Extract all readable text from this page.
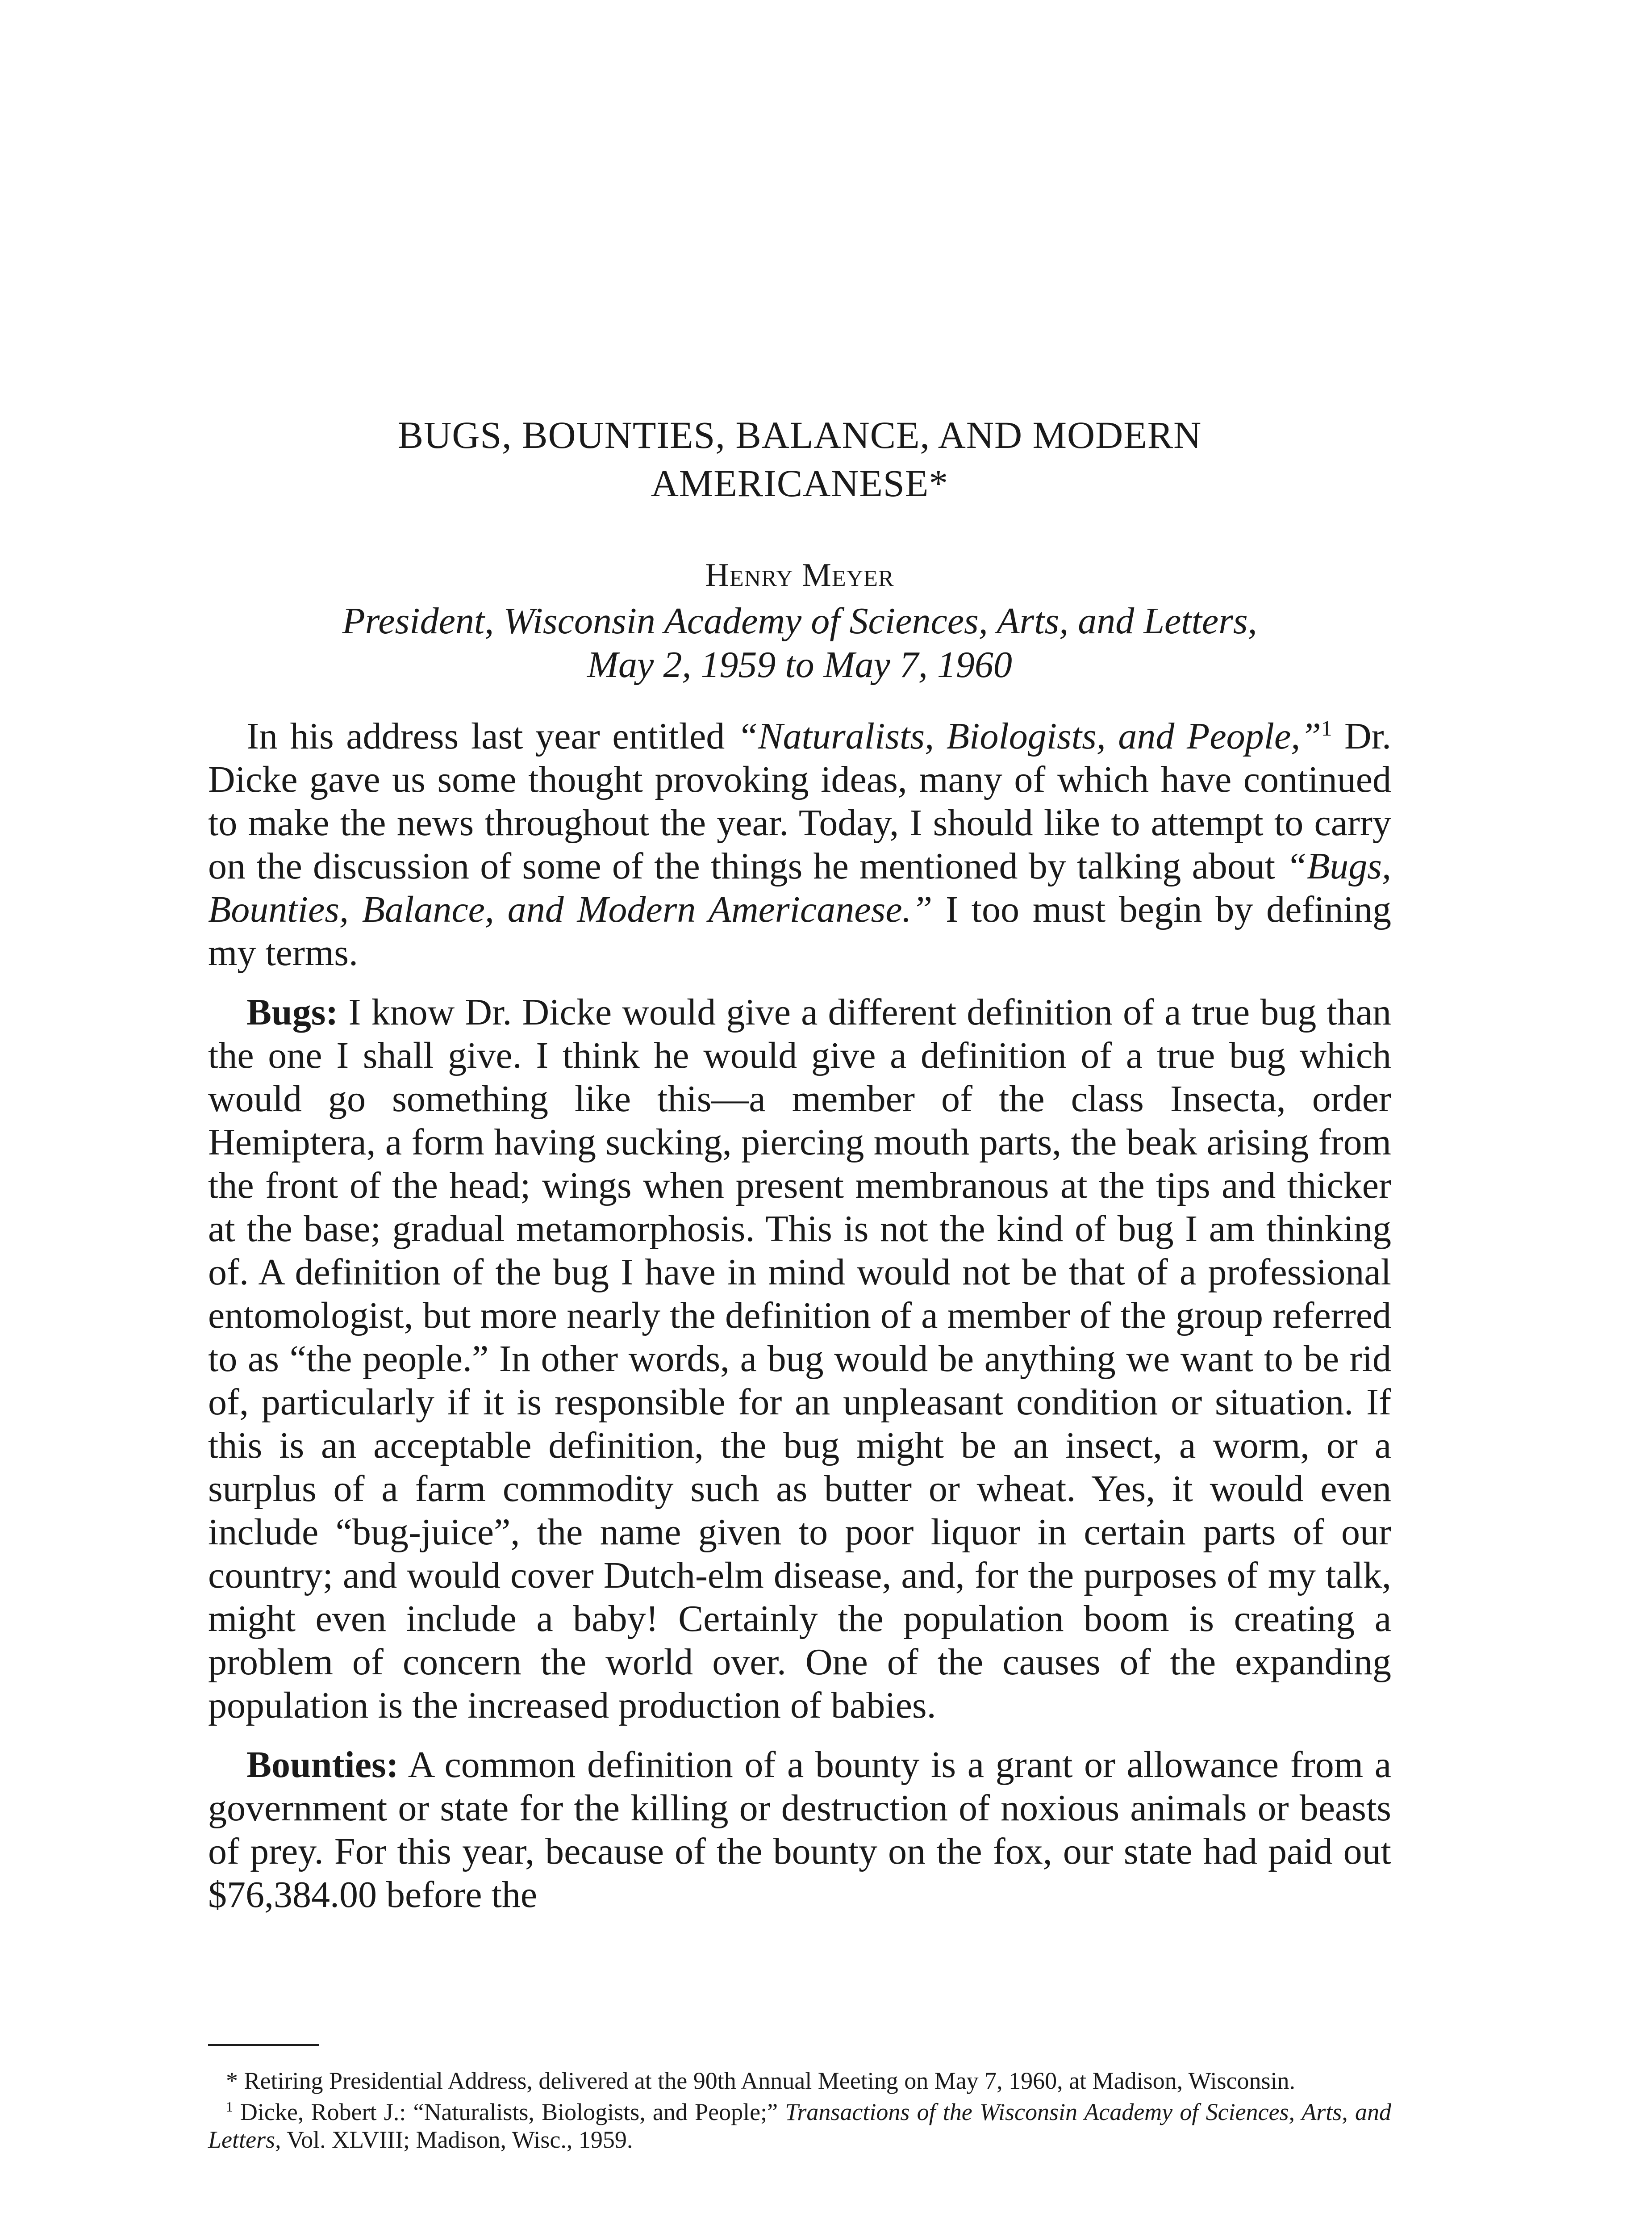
BUGS, BOUNTIES, BALANCE, AND MODERN
AMERICANESE*
Henry Meyer
President, Wisconsin Academy of Sciences, Arts, and Letters,
May 2, 1959 to May 7, 1960

In his address last year entitled “Naturalists, Biologists, and People,”$^1$ Dr. Dicke gave us some thought provoking ideas, many of which have continued to make the news throughout the year. Today, I should like to attempt to carry on the discussion of some of the things he mentioned by talking about “Bugs, Bounties, Balance, and Modern Americanese.” I too must begin by defining my terms.

Bugs: I know Dr. Dicke would give a different definition of a true bug than the one I shall give. I think he would give a definition of a true bug which would go something like this—a member of the class Insecta, order Hemiptera, a form having sucking, piercing mouth parts, the beak arising from the front of the head; wings when present membranous at the tips and thicker at the base; gradual metamorphosis. This is not the kind of bug I am thinking of. A definition of the bug I have in mind would not be that of a professional entomologist, but more nearly the definition of a member of the group referred to as “the people.” In other words, a bug would be anything we want to be rid of, particularly if it is responsible for an unpleasant condition or situation. If this is an acceptable definition, the bug might be an insect, a worm, or a surplus of a farm commodity such as butter or wheat. Yes, it would even include “bug-juice”, the name given to poor liquor in certain parts of our country; and would cover Dutch-elm disease, and, for the purposes of my talk, might even include a baby! Certainly the population boom is creating a problem of concern the world over. One of the causes of the expanding population is the increased production of babies.

Bounties: A common definition of a bounty is a grant or allowance from a government or state for the killing or destruction of noxious animals or beasts of prey. For this year, because of the bounty on the fox, our state had paid out $76,384.00 before the

* Retiring Presidential Address, delivered at the 90th Annual Meeting on May 7, 1960, at Madison, Wisconsin.

$^1$ Dicke, Robert J.: “Naturalists, Biologists, and People;” Transactions of the Wisconsin Academy of Sciences, Arts, and Letters, Vol. XLVIII; Madison, Wisc., 1959.
